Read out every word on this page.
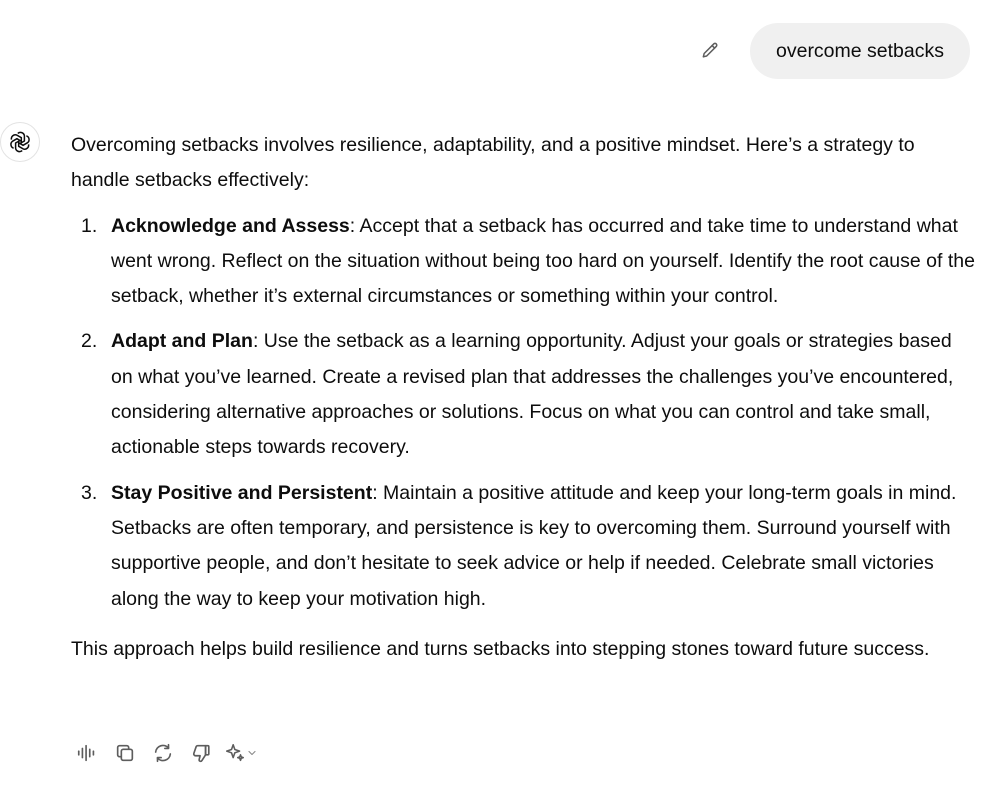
overcome setbacks

Overcoming setbacks involves resilience, adaptability, and a positive mindset. Here’s a strategy to handle setbacks effectively:

1. Acknowledge and Assess: Accept that a setback has occurred and take time to understand what went wrong. Reflect on the situation without being too hard on yourself. Identify the root cause of the setback, whether it’s external circumstances or something within your control.
2. Adapt and Plan: Use the setback as a learning opportunity. Adjust your goals or strategies based on what you’ve learned. Create a revised plan that addresses the challenges you’ve encountered, considering alternative approaches or solutions. Focus on what you can control and take small, actionable steps towards recovery.
3. Stay Positive and Persistent: Maintain a positive attitude and keep your long-term goals in mind. Setbacks are often temporary, and persistence is key to overcoming them. Surround yourself with supportive people, and don’t hesitate to seek advice or help if needed. Celebrate small victories along the way to keep your motivation high.

This approach helps build resilience and turns setbacks into stepping stones toward future success.
